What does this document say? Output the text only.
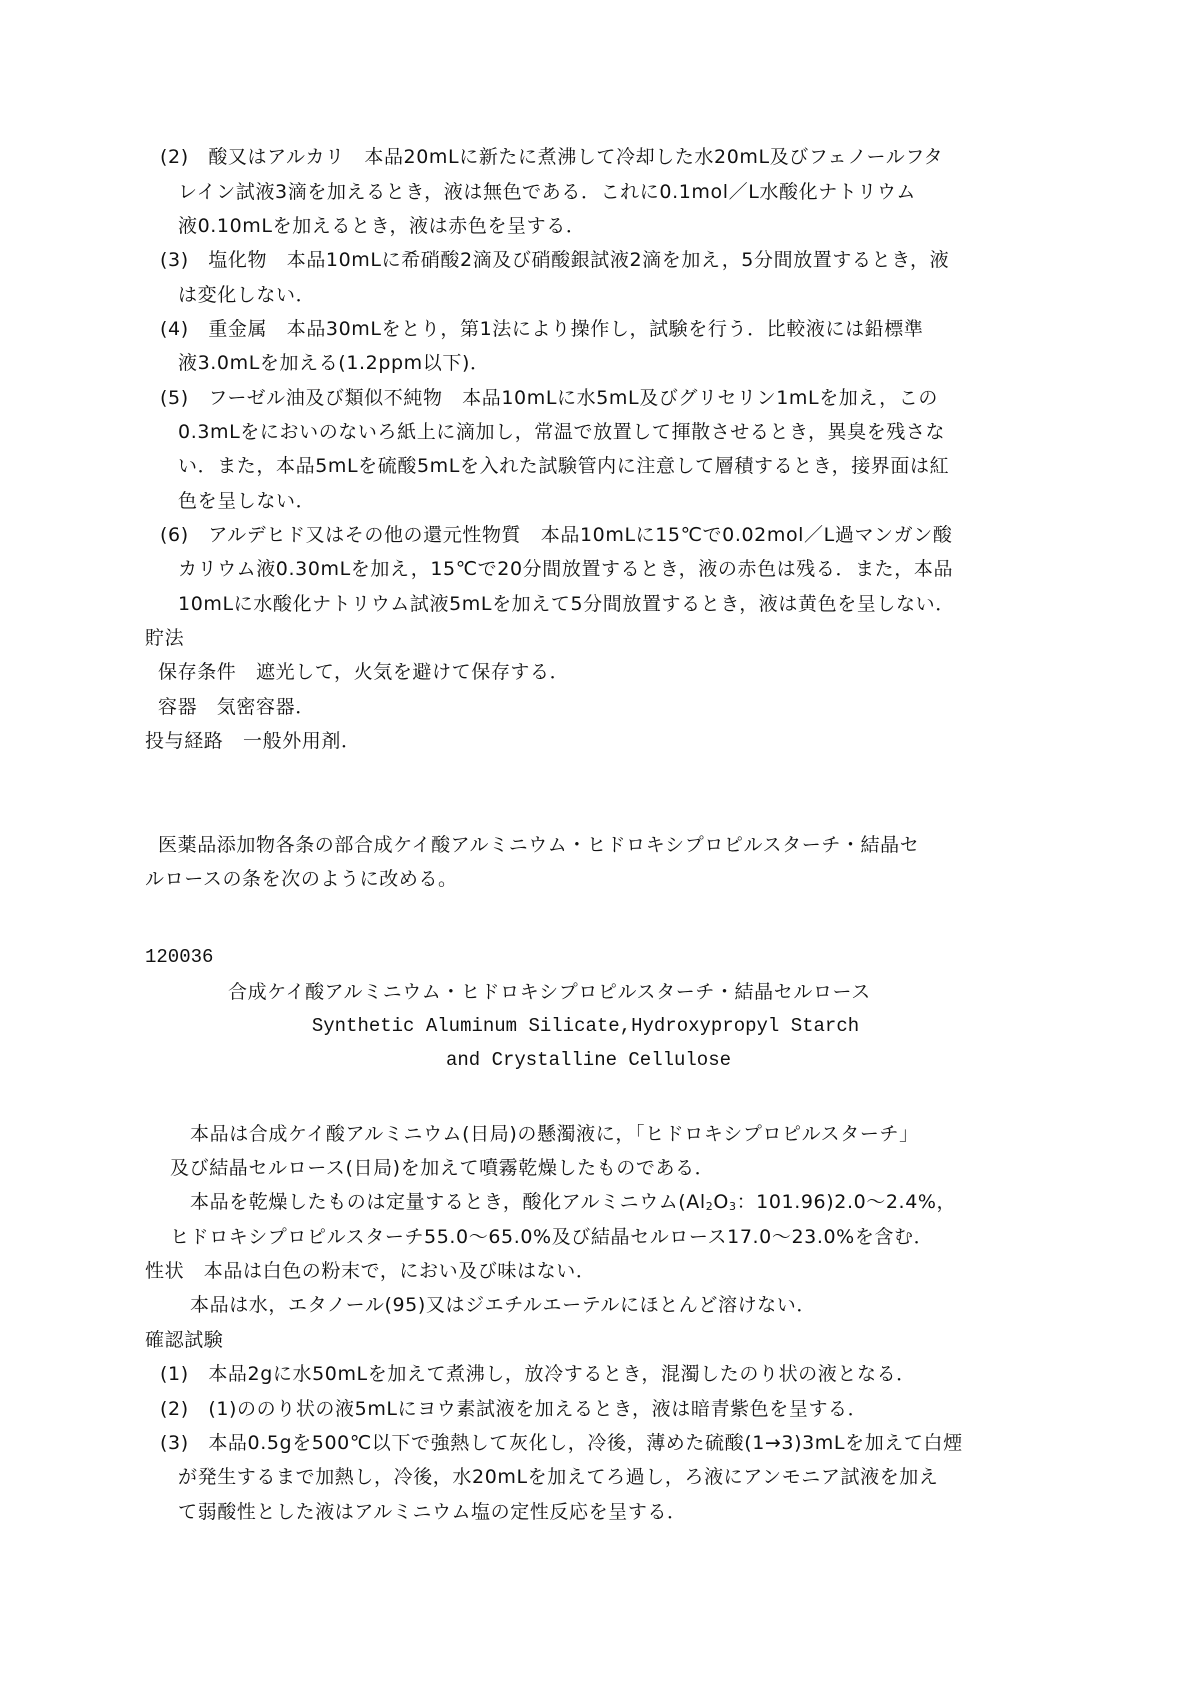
(2)　酸又はアルカリ　本品20mLに新たに煮沸して冷却した水20mL及びフェノールフタ
レイン試液3滴を加えるとき，液は無色である．これに0.1mol／L水酸化ナトリウム
液0.10mLを加えるとき，液は赤色を呈する．
(3)　塩化物　本品10mLに希硝酸2滴及び硝酸銀試液2滴を加え，5分間放置するとき，液
は変化しない．
(4)　重金属　本品30mLをとり，第1法により操作し，試験を行う．比較液には鉛標準
液3.0mLを加える(1.2ppm以下)．
(5)　フーゼル油及び類似不純物　本品10mLに水5mL及びグリセリン1mLを加え，この
0.3mLをにおいのないろ紙上に滴加し，常温で放置して揮散させるとき，異臭を残さな
い．また，本品5mLを硫酸5mLを入れた試験管内に注意して層積するとき，接界面は紅
色を呈しない．
(6)　アルデヒド又はその他の還元性物質　本品10mLに15℃で0.02mol／L過マンガン酸
カリウム液0.30mLを加え，15℃で20分間放置するとき，液の赤色は残る．また，本品
10mLに水酸化ナトリウム試液5mLを加えて5分間放置するとき，液は黄色を呈しない．
貯法
保存条件　遮光して，火気を避けて保存する．
容器　気密容器．
投与経路　一般外用剤．
医薬品添加物各条の部合成ケイ酸アルミニウム・ヒドロキシプロピルスターチ・結晶セ
ルロースの条を次のように改める。
120036
合成ケイ酸アルミニウム・ヒドロキシプロピルスターチ・結晶セルロース
Synthetic Aluminum Silicate,Hydroxypropyl Starch
and Crystalline Cellulose
本品は合成ケイ酸アルミニウム(日局)の懸濁液に，「ヒドロキシプロピルスターチ」
及び結晶セルロース(日局)を加えて噴霧乾燥したものである．
本品を乾燥したものは定量するとき，酸化アルミニウム($Al_2O_3$：101.96)2.0～2.4%，
ヒドロキシプロピルスターチ55.0～65.0%及び結晶セルロース17.0～23.0%を含む．
性状　本品は白色の粉末で，におい及び味はない．
本品は水，エタノール(95)又はジエチルエーテルにほとんど溶けない．
確認試験
(1)　本品2gに水50mLを加えて煮沸し，放冷するとき，混濁したのり状の液となる．
(2)　(1)ののり状の液5mLにヨウ素試液を加えるとき，液は暗青紫色を呈する．
(3)　本品0.5gを500℃以下で強熱して灰化し，冷後，薄めた硫酸(1→3)3mLを加えて白煙
が発生するまで加熱し，冷後，水20mLを加えてろ過し，ろ液にアンモニア試液を加え
て弱酸性とした液はアルミニウム塩の定性反応を呈する．
